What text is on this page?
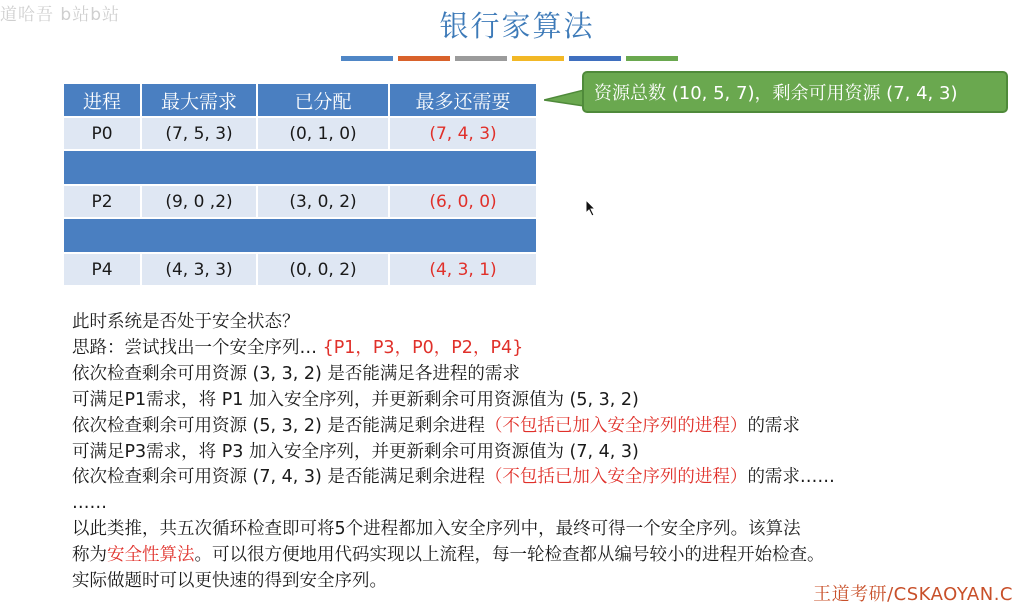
道哈吾 b站b站	银行家算法
进程	最大需求	已分配	最多还需要
P0	(7, 5, 3)	(0, 1, 0)	(7, 4, 3)

P2	(9, 0 ,2)	(3, 0, 2)	(6, 0, 0)

P4	(4, 3, 3)	(0, 0, 2)	(4, 3, 1)
资源总数 (10, 5, 7)，剩余可用资源 (7, 4, 3)
此时系统是否处于安全状态？
思路：尝试找出一个安全序列… {P1，P3，P0，P2，P4}
依次检查剩余可用资源 (3, 3, 2) 是否能满足各进程的需求
可满足P1需求，将 P1 加入安全序列，并更新剩余可用资源值为 (5, 3, 2)
依次检查剩余可用资源 (5, 3, 2) 是否能满足剩余进程（不包括已加入安全序列的进程）的需求
可满足P3需求，将 P3 加入安全序列，并更新剩余可用资源值为 (7, 4, 3)
依次检查剩余可用资源 (7, 4, 3) 是否能满足剩余进程（不包括已加入安全序列的进程）的需求……
……
以此类推，共五次循环检查即可将5个进程都加入安全序列中，最终可得一个安全序列。该算法
称为安全性算法。可以很方便地用代码实现以上流程，每一轮检查都从编号较小的进程开始检查。
实际做题时可以更快速的得到安全序列。
王道考研/CSKAOYAN.C
